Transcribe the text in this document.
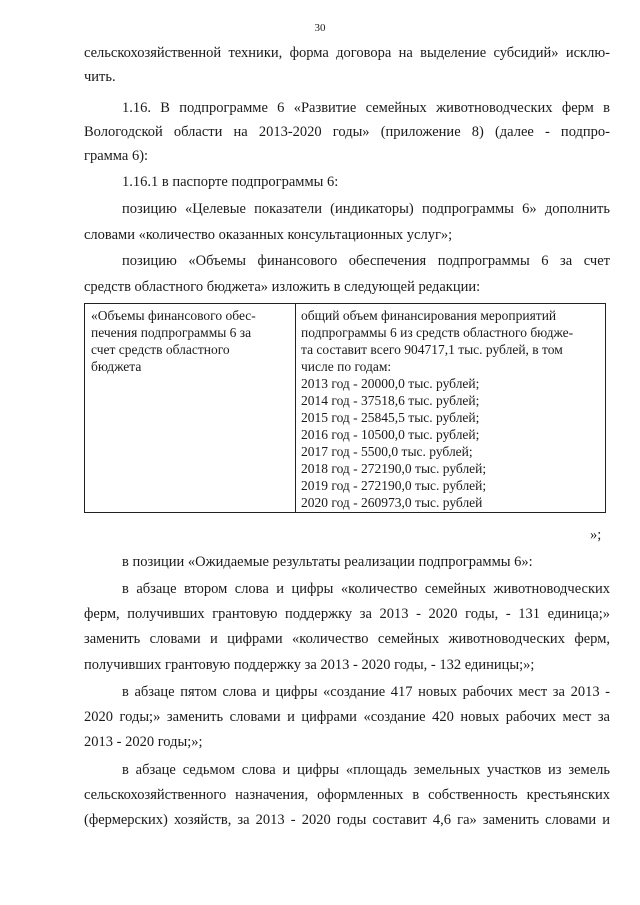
30
сельскохозяйственной техники, форма договора на выделение субсидий» исклю-
чить.
1.16. В подпрограмме 6 «Развитие семейных животноводческих ферм в
Вологодской области на 2013-2020 годы» (приложение 8) (далее - подпро-
грамма 6):
1.16.1 в паспорте подпрограммы 6:
позицию «Целевые показатели (индикаторы) подпрограммы 6» дополнить
словами «количество оказанных консультационных услуг»;
позицию «Объемы финансового обеспечения подпрограммы 6 за счет
средств областного бюджета» изложить в следующей редакции:
«Объемы финансового обес-
печения подпрограммы 6 за
счет средств областного
бюджета
общий объем финансирования мероприятий
подпрограммы 6 из средств областного бюдже-
та составит всего 904717,1 тыс. рублей, в том
числе по годам:
2013 год - 20000,0 тыс. рублей;
2014 год - 37518,6 тыс. рублей;
2015 год - 25845,5 тыс. рублей;
2016 год - 10500,0 тыс. рублей;
2017 год - 5500,0 тыс. рублей;
2018 год - 272190,0 тыс. рублей;
2019 год - 272190,0 тыс. рублей;
2020 год - 260973,0 тыс. рублей
»;
в позиции «Ожидаемые результаты реализации подпрограммы 6»:
в абзаце втором слова и цифры «количество семейных животноводческих
ферм, получивших грантовую поддержку за 2013 - 2020 годы, - 131 единица;»
заменить словами и цифрами «количество семейных животноводческих ферм,
получивших грантовую поддержку за 2013 - 2020 годы, - 132 единицы;»;
в абзаце пятом слова и цифры «создание 417 новых рабочих мест за 2013 -
2020 годы;» заменить словами и цифрами «создание 420 новых рабочих мест за
2013 - 2020 годы;»;
в абзаце седьмом слова и цифры «площадь земельных участков из земель
сельскохозяйственного назначения, оформленных в собственность крестьянских
(фермерских) хозяйств, за 2013 - 2020 годы составит 4,6 га» заменить словами и
